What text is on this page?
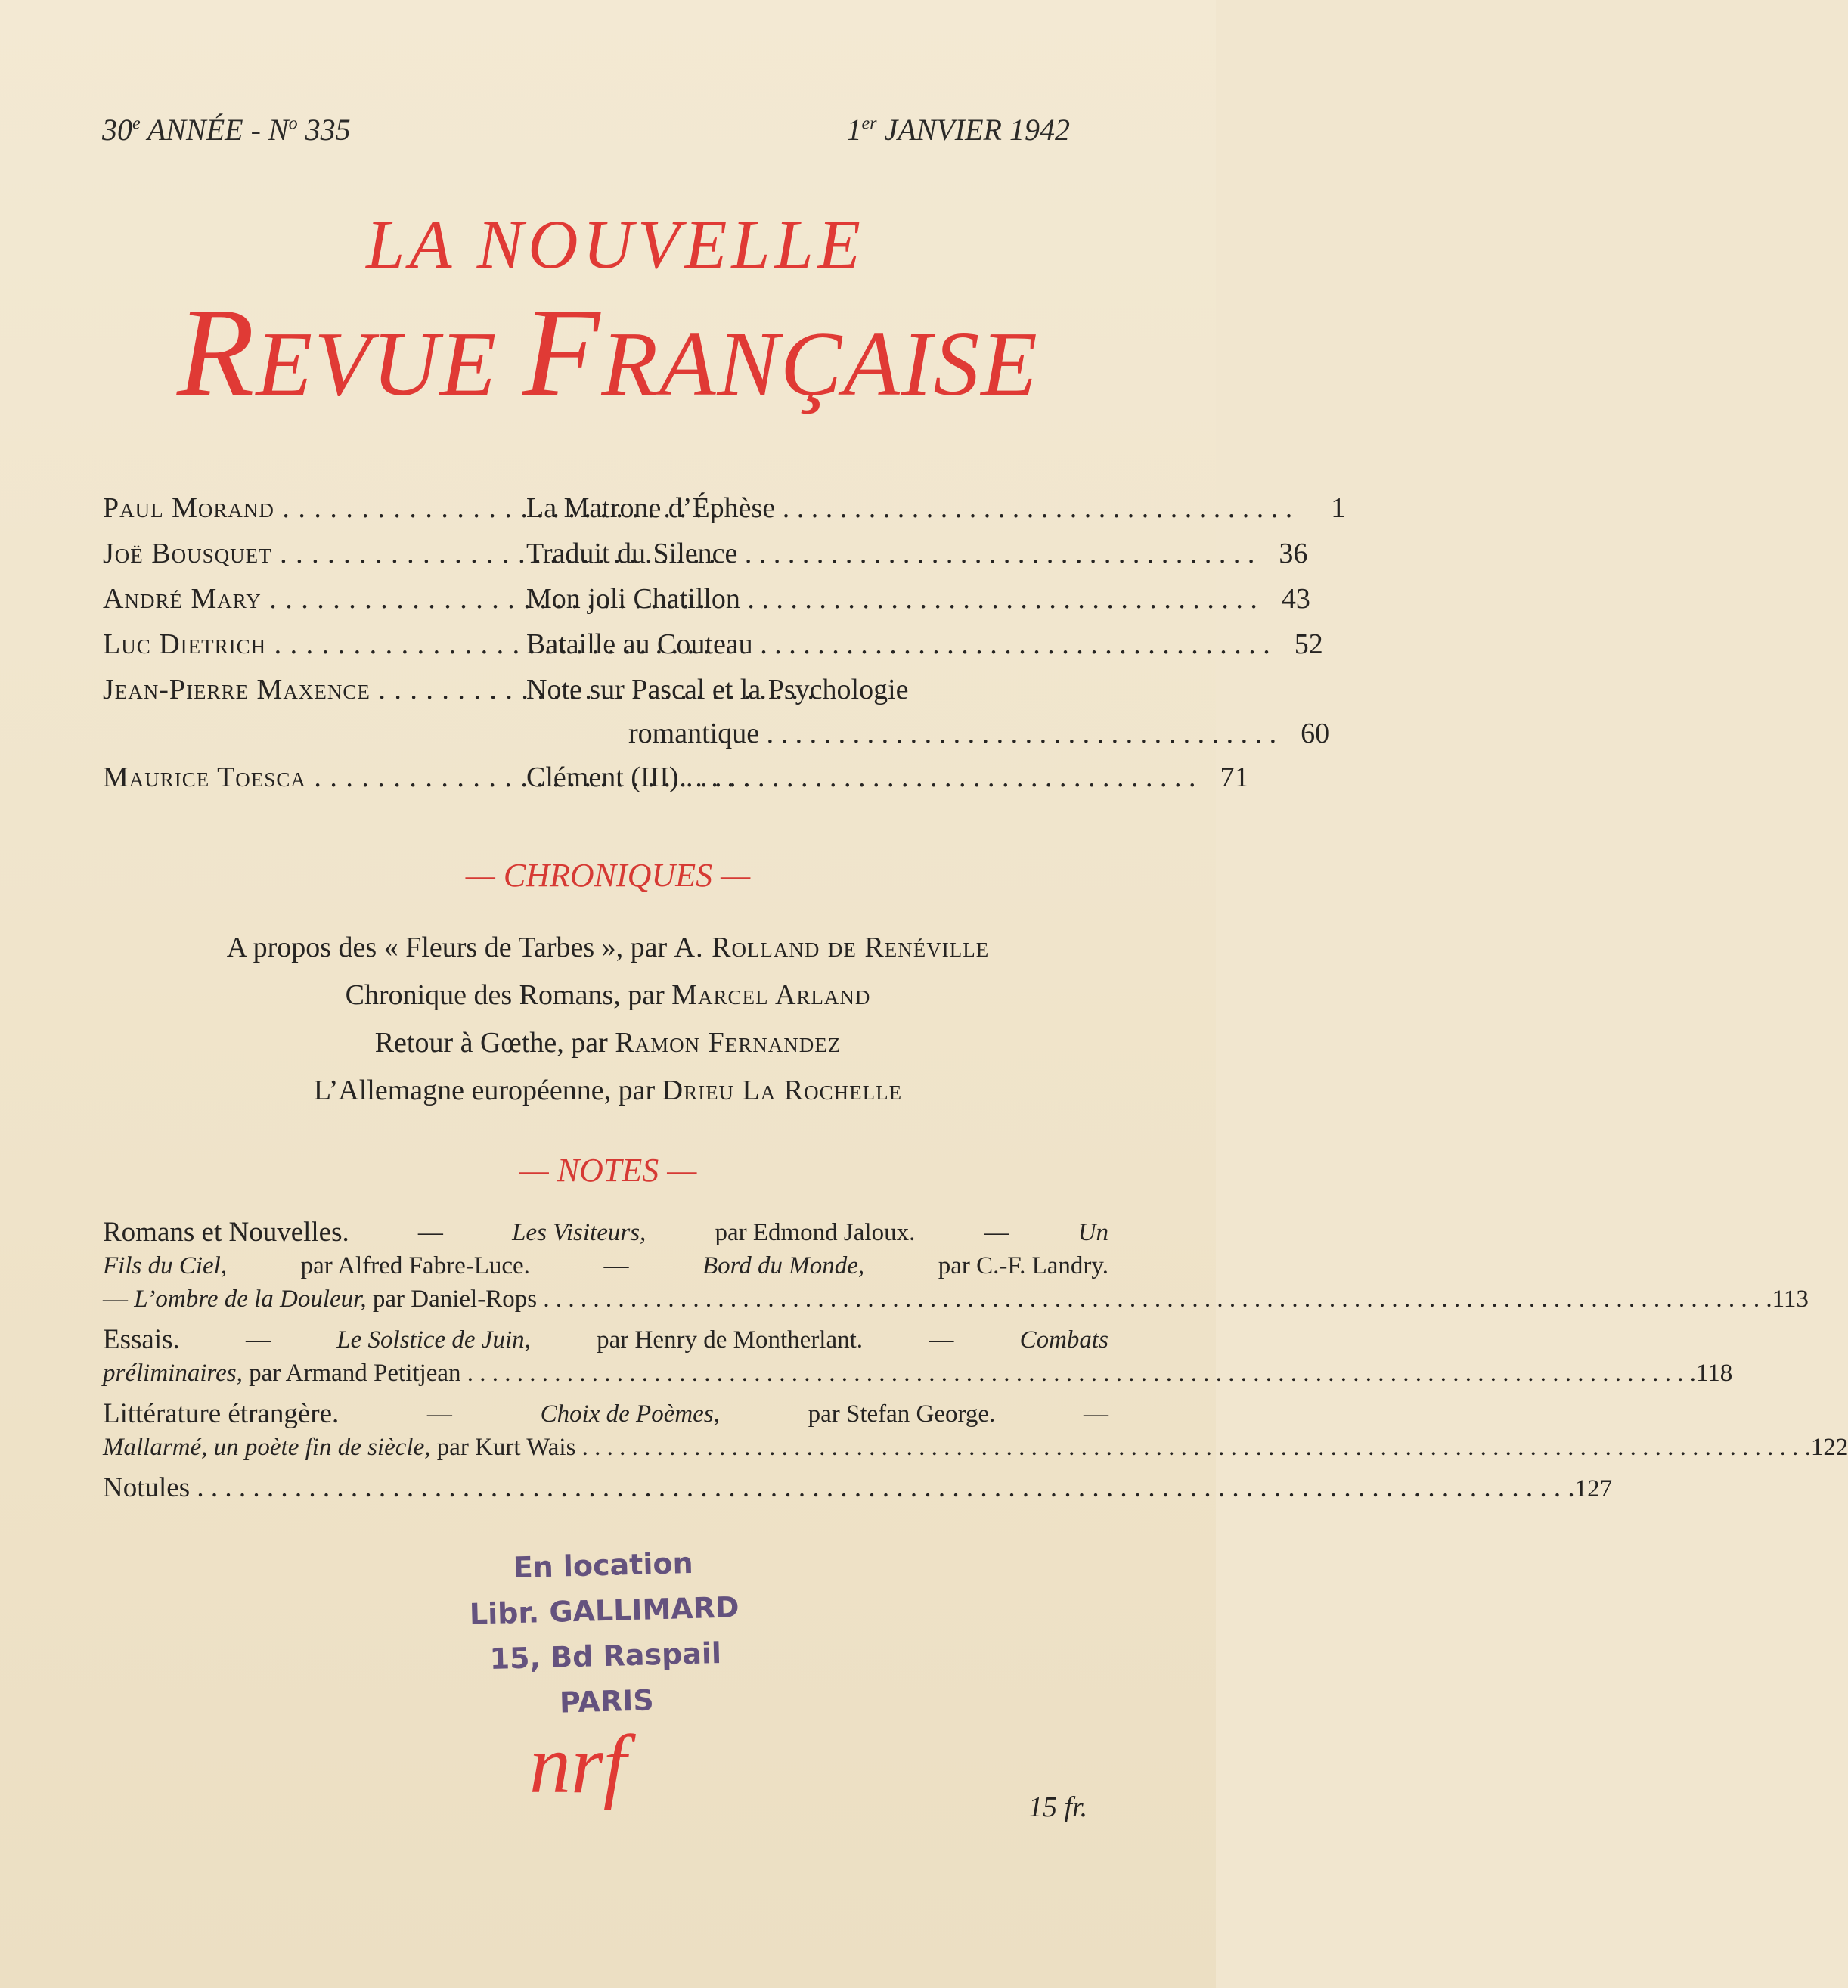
30e ANNÉE - $N^o$ 335	1er JANVIER 1942
LA NOUVELLE
REVUE FRANÇAISE
Paul Morand . . .	La Matrone d’Éphèse . . .	1
Joë Bousquet . . .	Traduit du Silence . . .	36
André Mary . . .	Mon joli Chatillon . . .	43
Luc Dietrich . . .	Bataille au Couteau . . .	52
Jean-Pierre Maxence . . .	Note sur Pascal et la Psychologie
romantique . . .	60
Maurice Toesca . . .	Clément (III) . . .	71
— CHRONIQUES —
A propos des « Fleurs de Tarbes », par A. Rolland de Renéville
Chronique des Romans, par Marcel Arland
Retour à Gœthe, par Ramon Fernandez
L’Allemagne européenne, par Drieu La Rochelle
— NOTES —
Romans et Nouvelles.	—	Les Visiteurs,	par Edmond Jaloux.	—	Un
Fils du Ciel,	par Alfred Fabre-Luce.	—	Bord du Monde,	par C.-F. Landry.
—
L’ombre de la Douleur,
par Daniel-Rops . . .	113
Essais.	—	Le Solstice de Juin,	par Henry de Montherlant.	—	Combats
préliminaires,
par Armand Petitjean . . .	118
Littérature étrangère.	—	Choix de Poèmes,	par Stefan George.	—
Mallarmé, un poète fin de siècle,
par Kurt Wais . . .	122
Notules . . .	127
En location
Libr. GALLIMARD
15, Bd Raspail
PARIS
nrf	15 fr.
